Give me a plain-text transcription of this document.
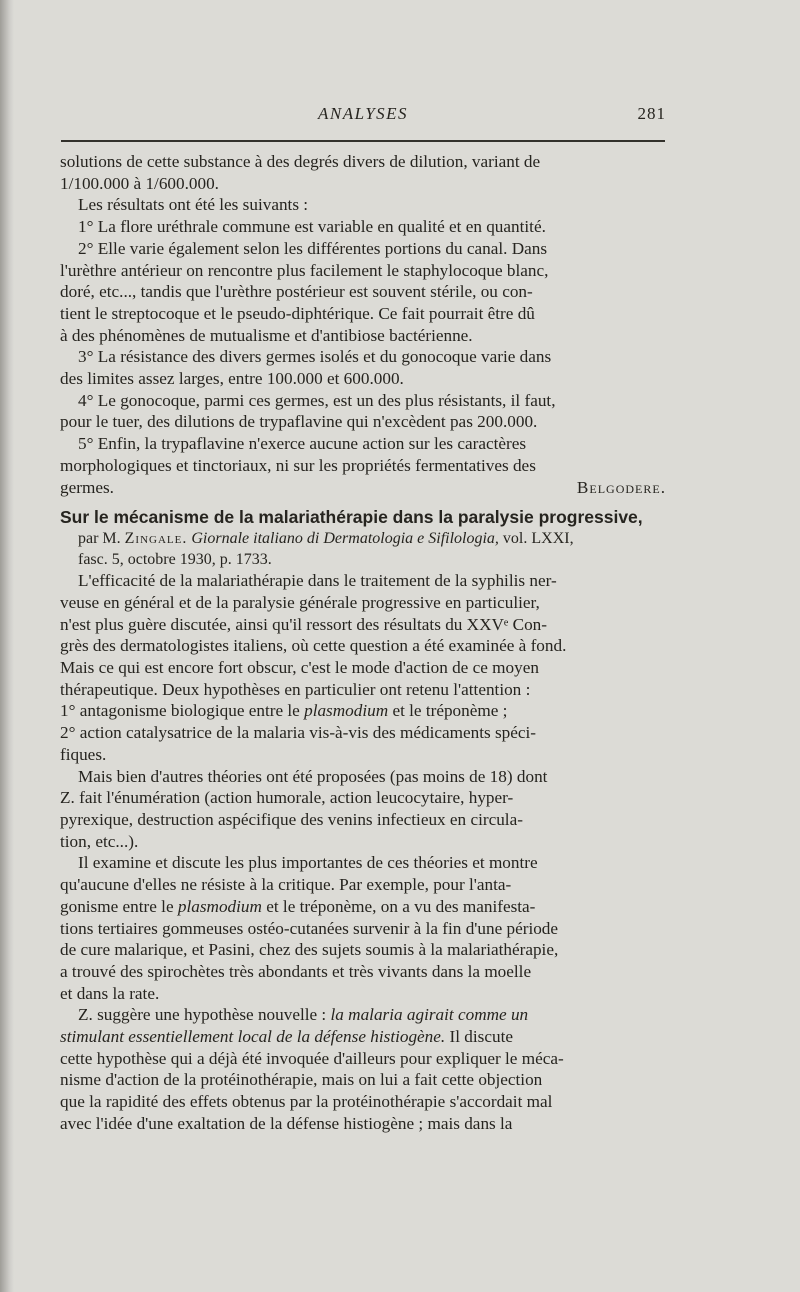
ANALYSES	281

solutions de cette substance à des degrés divers de dilution, variant de
1/100.000 à 1/600.000.

Les résultats ont été les suivants :

1° La flore uréthrale commune est variable en qualité et en quantité.

2° Elle varie également selon les différentes portions du canal. Dans
l'urèthre antérieur on rencontre plus facilement le staphylocoque blanc,
doré, etc..., tandis que l'urèthre postérieur est souvent stérile, ou con-
tient le streptocoque et le pseudo-diphtérique. Ce fait pourrait être dû
à des phénomènes de mutualisme et d'antibiose bactérienne.

3° La résistance des divers germes isolés et du gonocoque varie dans
des limites assez larges, entre 100.000 et 600.000.

4° Le gonocoque, parmi ces germes, est un des plus résistants, il faut,
pour le tuer, des dilutions de trypaflavine qui n'excèdent pas 200.000.

5° Enfin, la trypaflavine n'exerce aucune action sur les caractères
morphologiques et tinctoriaux, ni sur les propriétés fermentatives des

germes.	Belgodere.

Sur le mécanisme de la malariathérapie dans la paralysie progressive,

par M. Zingale. Giornale italiano di Dermatologia e Sifilologia, vol. LXXI,
fasc. 5, octobre 1930, p. 1733.

L'efficacité de la malariathérapie dans le traitement de la syphilis ner-
veuse en général et de la paralysie générale progressive en particulier,
n'est plus guère discutée, ainsi qu'il ressort des résultats du XXVᵉ Con-
grès des dermatologistes italiens, où cette question a été examinée à fond.
Mais ce qui est encore fort obscur, c'est le mode d'action de ce moyen
thérapeutique. Deux hypothèses en particulier ont retenu l'attention :
1° antagonisme biologique entre le plasmodium et le tréponème ;
2° action catalysatrice de la malaria vis-à-vis des médicaments spéci-
fiques.

Mais bien d'autres théories ont été proposées (pas moins de 18) dont
Z. fait l'énumération (action humorale, action leucocytaire, hyper-
pyrexique, destruction aspécifique des venins infectieux en circula-
tion, etc...).

Il examine et discute les plus importantes de ces théories et montre
qu'aucune d'elles ne résiste à la critique. Par exemple, pour l'anta-
gonisme entre le plasmodium et le tréponème, on a vu des manifesta-
tions tertiaires gommeuses ostéo-cutanées survenir à la fin d'une période
de cure malarique, et Pasini, chez des sujets soumis à la malariathérapie,
a trouvé des spirochètes très abondants et très vivants dans la moelle
et dans la rate.

Z. suggère une hypothèse nouvelle : la malaria agirait comme un
stimulant essentiellement local de la défense histiogène. Il discute
cette hypothèse qui a déjà été invoquée d'ailleurs pour expliquer le méca-
nisme d'action de la protéinothérapie, mais on lui a fait cette objection
que la rapidité des effets obtenus par la protéinothérapie s'accordait mal
avec l'idée d'une exaltation de la défense histiogène ; mais dans la
